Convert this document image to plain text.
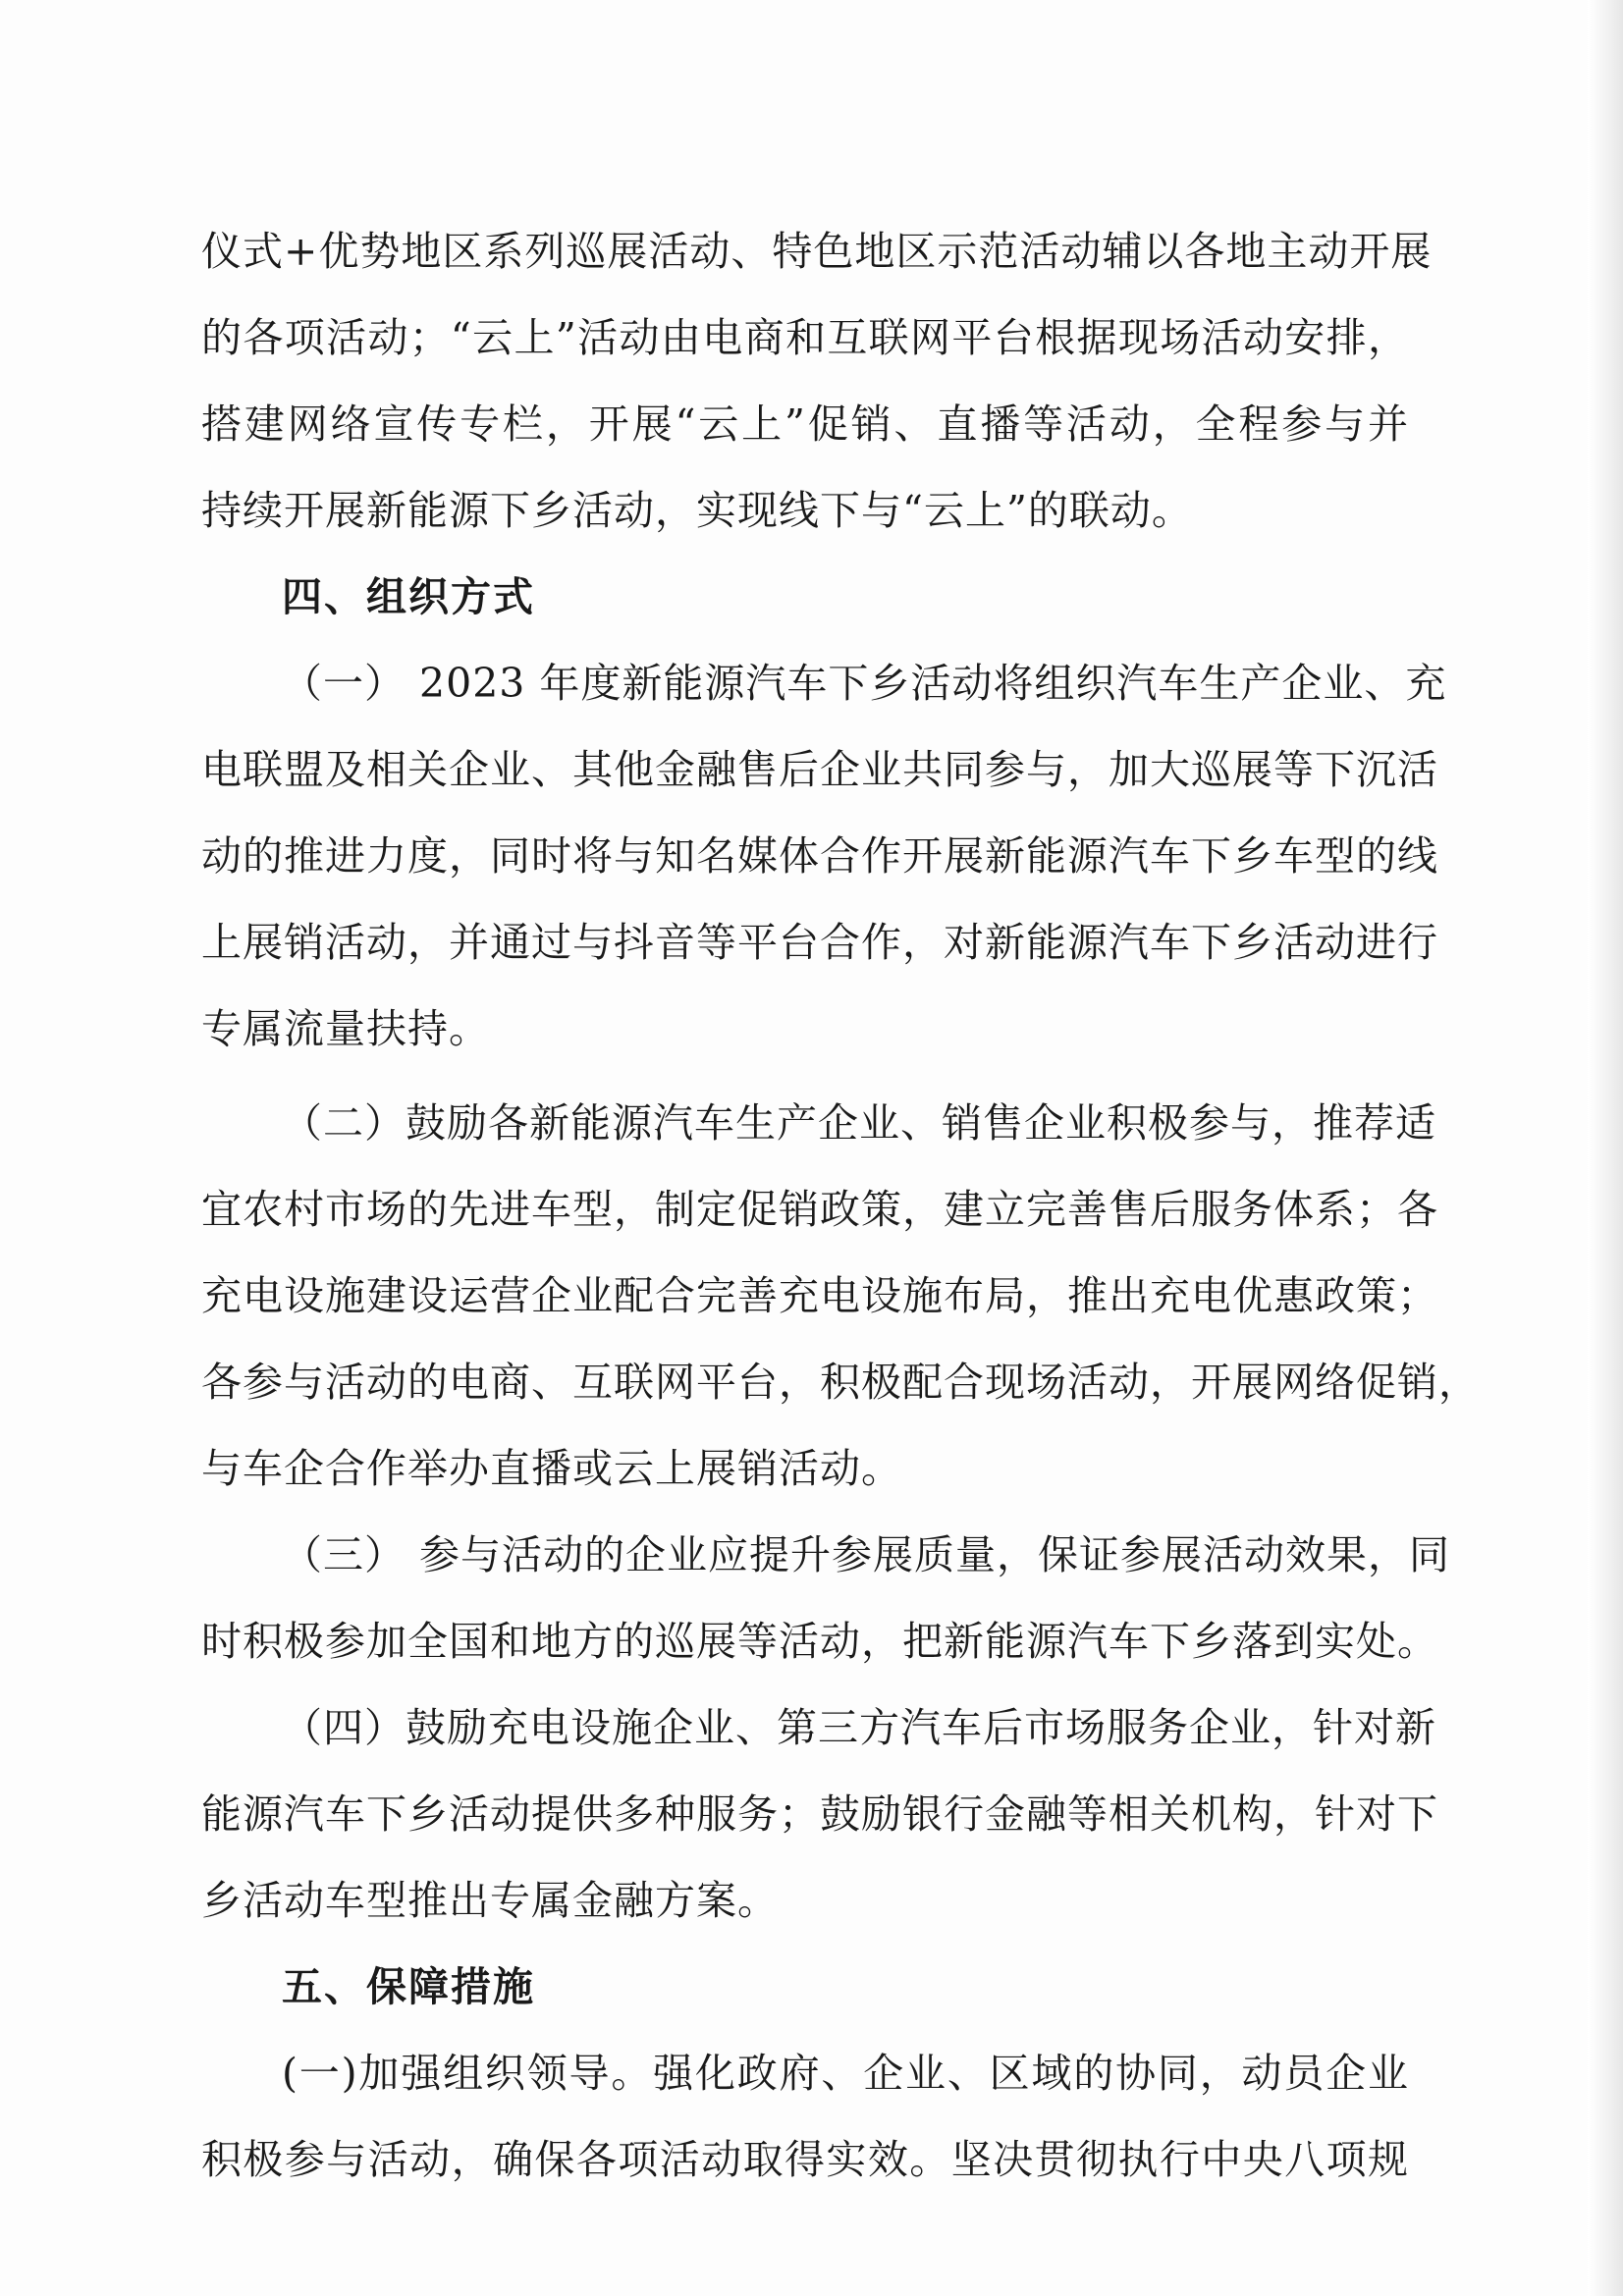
仪式+优势地区系列巡展活动、特色地区示范活动辅以各地主动开展
的各项活动；“云上”活动由电商和互联网平台根据现场活动安排，
搭建网络宣传专栏，开展“云上”促销、直播等活动，全程参与并
持续开展新能源下乡活动，实现线下与“云上”的联动。
四、组织方式
（一） 2023 年度新能源汽车下乡活动将组织汽车生产企业、充
电联盟及相关企业、其他金融售后企业共同参与，加大巡展等下沉活
动的推进力度，同时将与知名媒体合作开展新能源汽车下乡车型的线
上展销活动，并通过与抖音等平台合作，对新能源汽车下乡活动进行
专属流量扶持。
（二）鼓励各新能源汽车生产企业、销售企业积极参与，推荐适
宜农村市场的先进车型，制定促销政策，建立完善售后服务体系；各
充电设施建设运营企业配合完善充电设施布局，推出充电优惠政策；
各参与活动的电商、互联网平台，积极配合现场活动，开展网络促销，
与车企合作举办直播或云上展销活动。
（三） 参与活动的企业应提升参展质量，保证参展活动效果，同
时积极参加全国和地方的巡展等活动，把新能源汽车下乡落到实处。
（四）鼓励充电设施企业、第三方汽车后市场服务企业，针对新
能源汽车下乡活动提供多种服务；鼓励银行金融等相关机构，针对下
乡活动车型推出专属金融方案。
五、保障措施
(一)加强组织领导。强化政府、企业、区域的协同，动员企业
积极参与活动，确保各项活动取得实效。坚决贯彻执行中央八项规
